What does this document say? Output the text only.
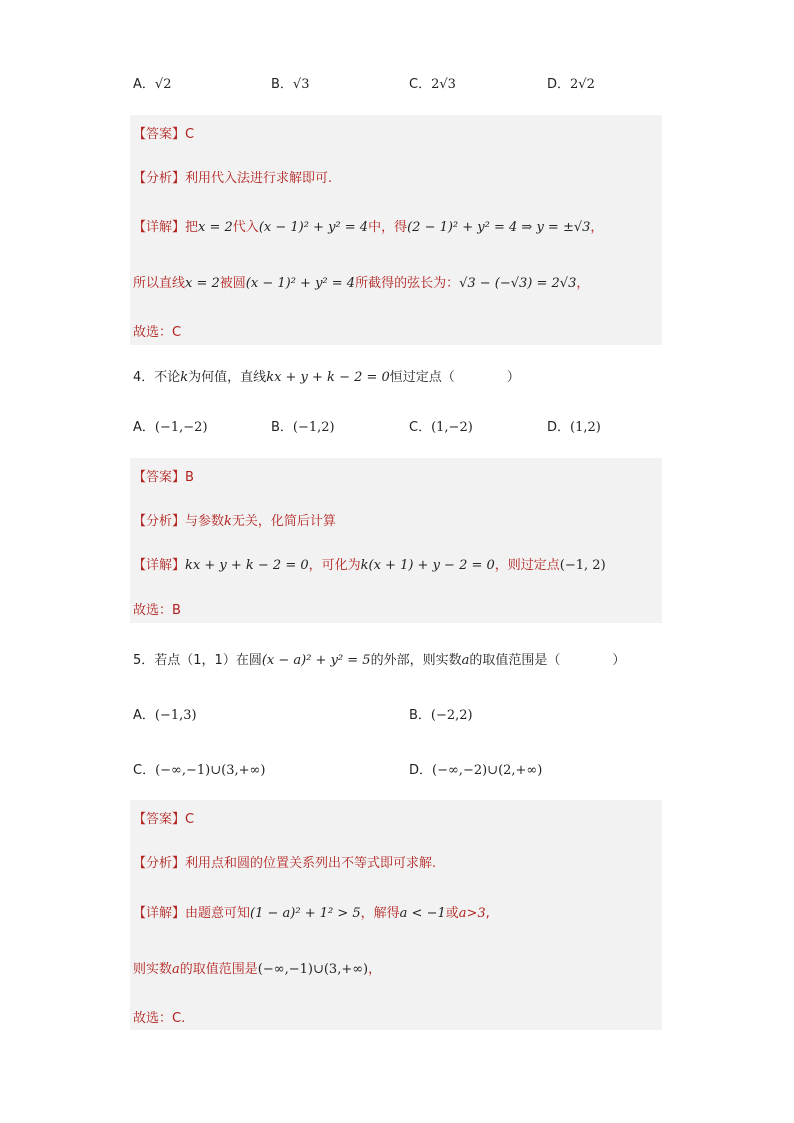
A．√2	B．√3	C．2√3	D．2√2
【答案】C
【分析】利用代入法进行求解即可.
【详解】把x = 2代入(x − 1)² + y² = 4中，得(2 − 1)² + y² = 4 ⇒ y = ±√3，
所以直线x = 2被圆(x − 1)² + y² = 4所截得的弦长为：√3 − (−√3) = 2√3，
故选：C
4．不论k为何值，直线kx + y + k − 2 = 0恒过定点（	）
A．(−1,−2)	B．(−1,2)	C．(1,−2)	D．(1,2)
【答案】B
【分析】与参数k无关，化简后计算
【详解】kx + y + k − 2 = 0，可化为k(x + 1) + y − 2 = 0，则过定点(−1, 2)
故选：B
5．若点（1，1）在圆(x − a)² + y² = 5的外部，则实数a的取值范围是（	）
A．(−1,3)	B．(−2,2)
C．(−∞,−1)∪(3,+∞)	D．(−∞,−2)∪(2,+∞)
【答案】C
【分析】利用点和圆的位置关系列出不等式即可求解.
【详解】由题意可知(1 − a)² + 1² > 5，解得a < −1或a>3,
则实数a的取值范围是(−∞,−1)∪(3,+∞)，
故选：C.
